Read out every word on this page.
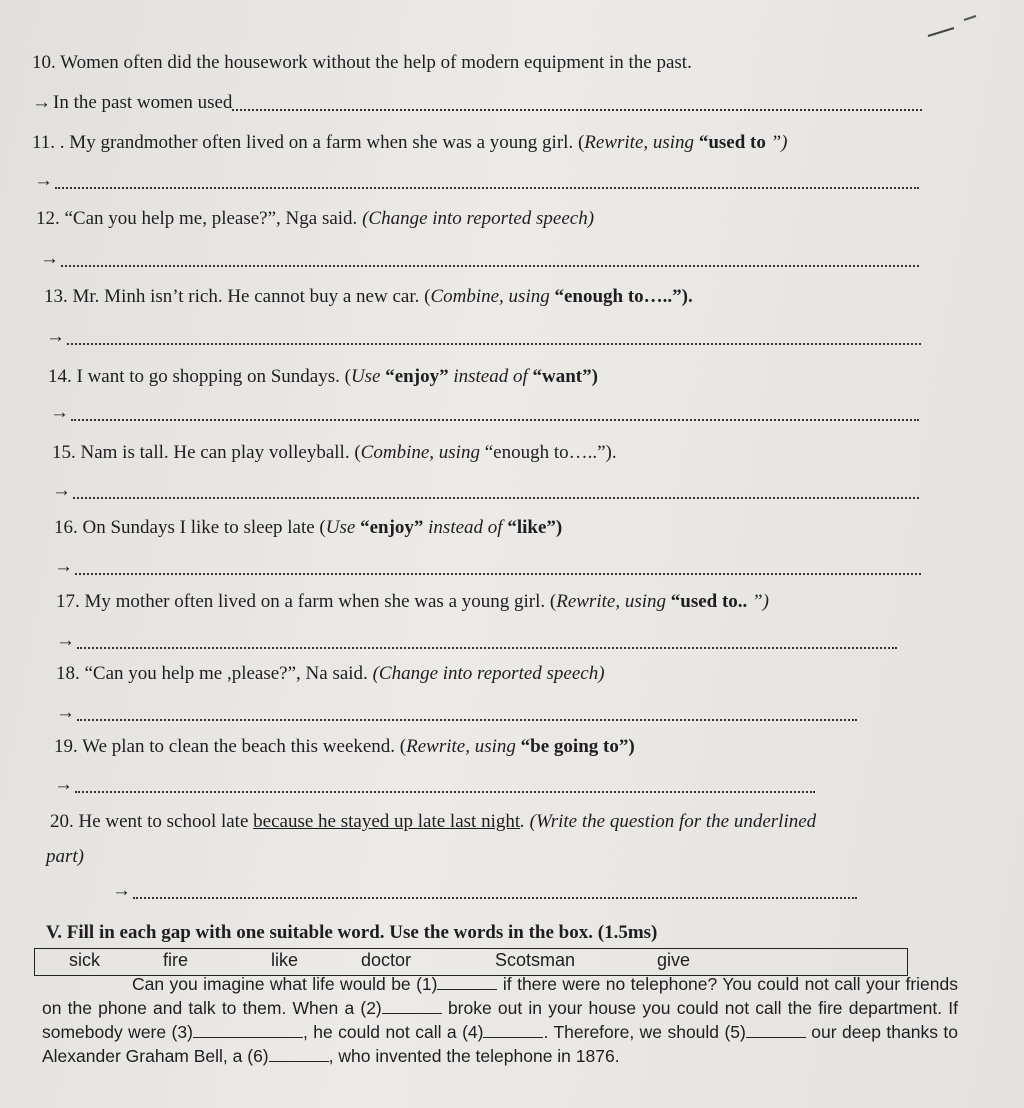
10. Women often did the housework without the help of modern equipment in the past.
→ In the past women used
11. . My grandmother often lived on a farm when she was a young girl. (Rewrite, using “used to ”)
→
12. “Can you help me, please?”, Nga said. (Change into reported speech)
→
13. Mr. Minh isn’t rich. He cannot buy a new car. (Combine, using “enough to…..”).
→
14. I want to go shopping on Sundays. (Use “enjoy” instead of “want”)
→
15. Nam is tall. He can play volleyball. (Combine, using “enough to…..”).
→
16. On Sundays I like to sleep late (Use “enjoy” instead of “like”)
→
17. My mother often lived on a farm when she was a young girl. (Rewrite, using “used to.. ”)
→
18. “Can you help me ,please?”, Na said. (Change into reported speech)
→
19. We plan to clean the beach this weekend. (Rewrite, using “be going to”)
→
20. He went to school late because he stayed up late last night. (Write the question for the underlined
part)
→
V. Fill in each gap with one suitable word. Use the words in the box. (1.5ms)
sick	fire	like	doctor	Scotsman	give
Can you imagine what life would be (1)	if there were no telephone? You could not call your friends on the phone and talk to them. When a (2)	broke out in your house you could not call the fire department. If somebody were (3)	, he could not call a (4)	. Therefore, we should (5)	our deep thanks to Alexander Graham Bell, a (6)	, who invented the telephone in 1876.
